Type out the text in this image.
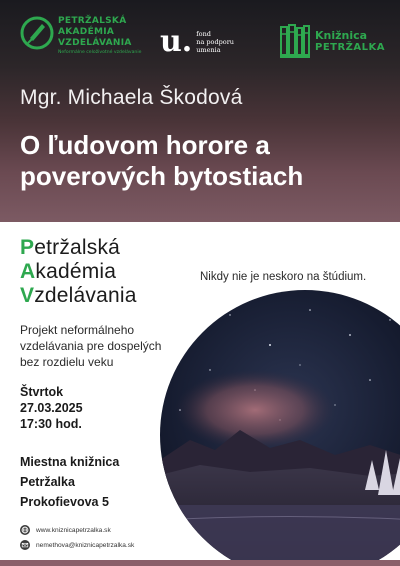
PETRŽALSKÁ
AKADÉMIA
VZDELÁVANIA
Neformálne celoživotné vzdelávanie u. fond
na podporu
umenia
Knižnica
PETRŽALKA
Mgr. Michaela Škodová
O ľudovom horore a
poverových bytostiach
Petržalská
Akadémia
Vzdelávania
Nikdy nie je neskoro na štúdium.
Projekt neformálneho
vzdelávania pre dospelých
bez rozdielu veku
Štvrtok
27.03.2025
17:30 hod.
Miestna knižnica
Petržalka
Prokofievova 5
www.kniznicapetrzalka.sk
nemethova@kniznicapetrzalka.sk
